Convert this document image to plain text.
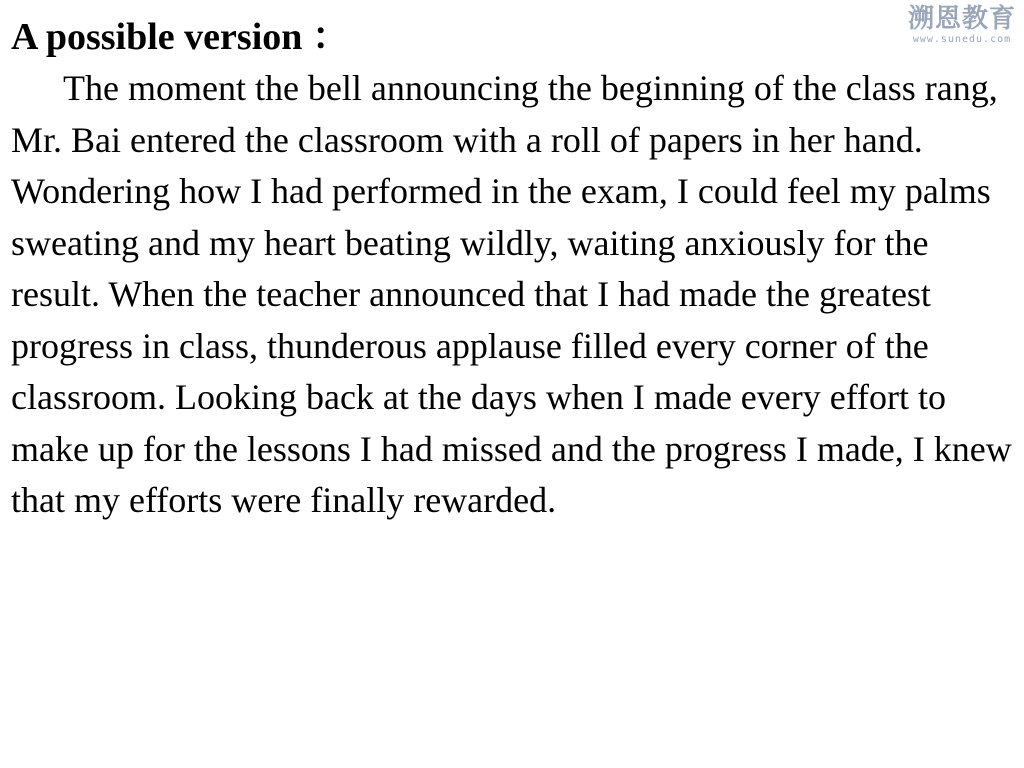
A possible version ：	溯恩教育
www.sunedu.com

The moment the bell announcing the beginning of the class rang, Mr. Bai entered the classroom with a roll of papers in her hand. Wondering how I had performed in the exam, I could feel my palms sweating and my heart beating wildly, waiting anxiously for the result. When the teacher announced that I had made the greatest progress in class, thunderous applause filled every corner of the classroom. Looking back at the days when I made every effort to make up for the lessons I had missed and the progress I made, I knew that my efforts were finally rewarded.
